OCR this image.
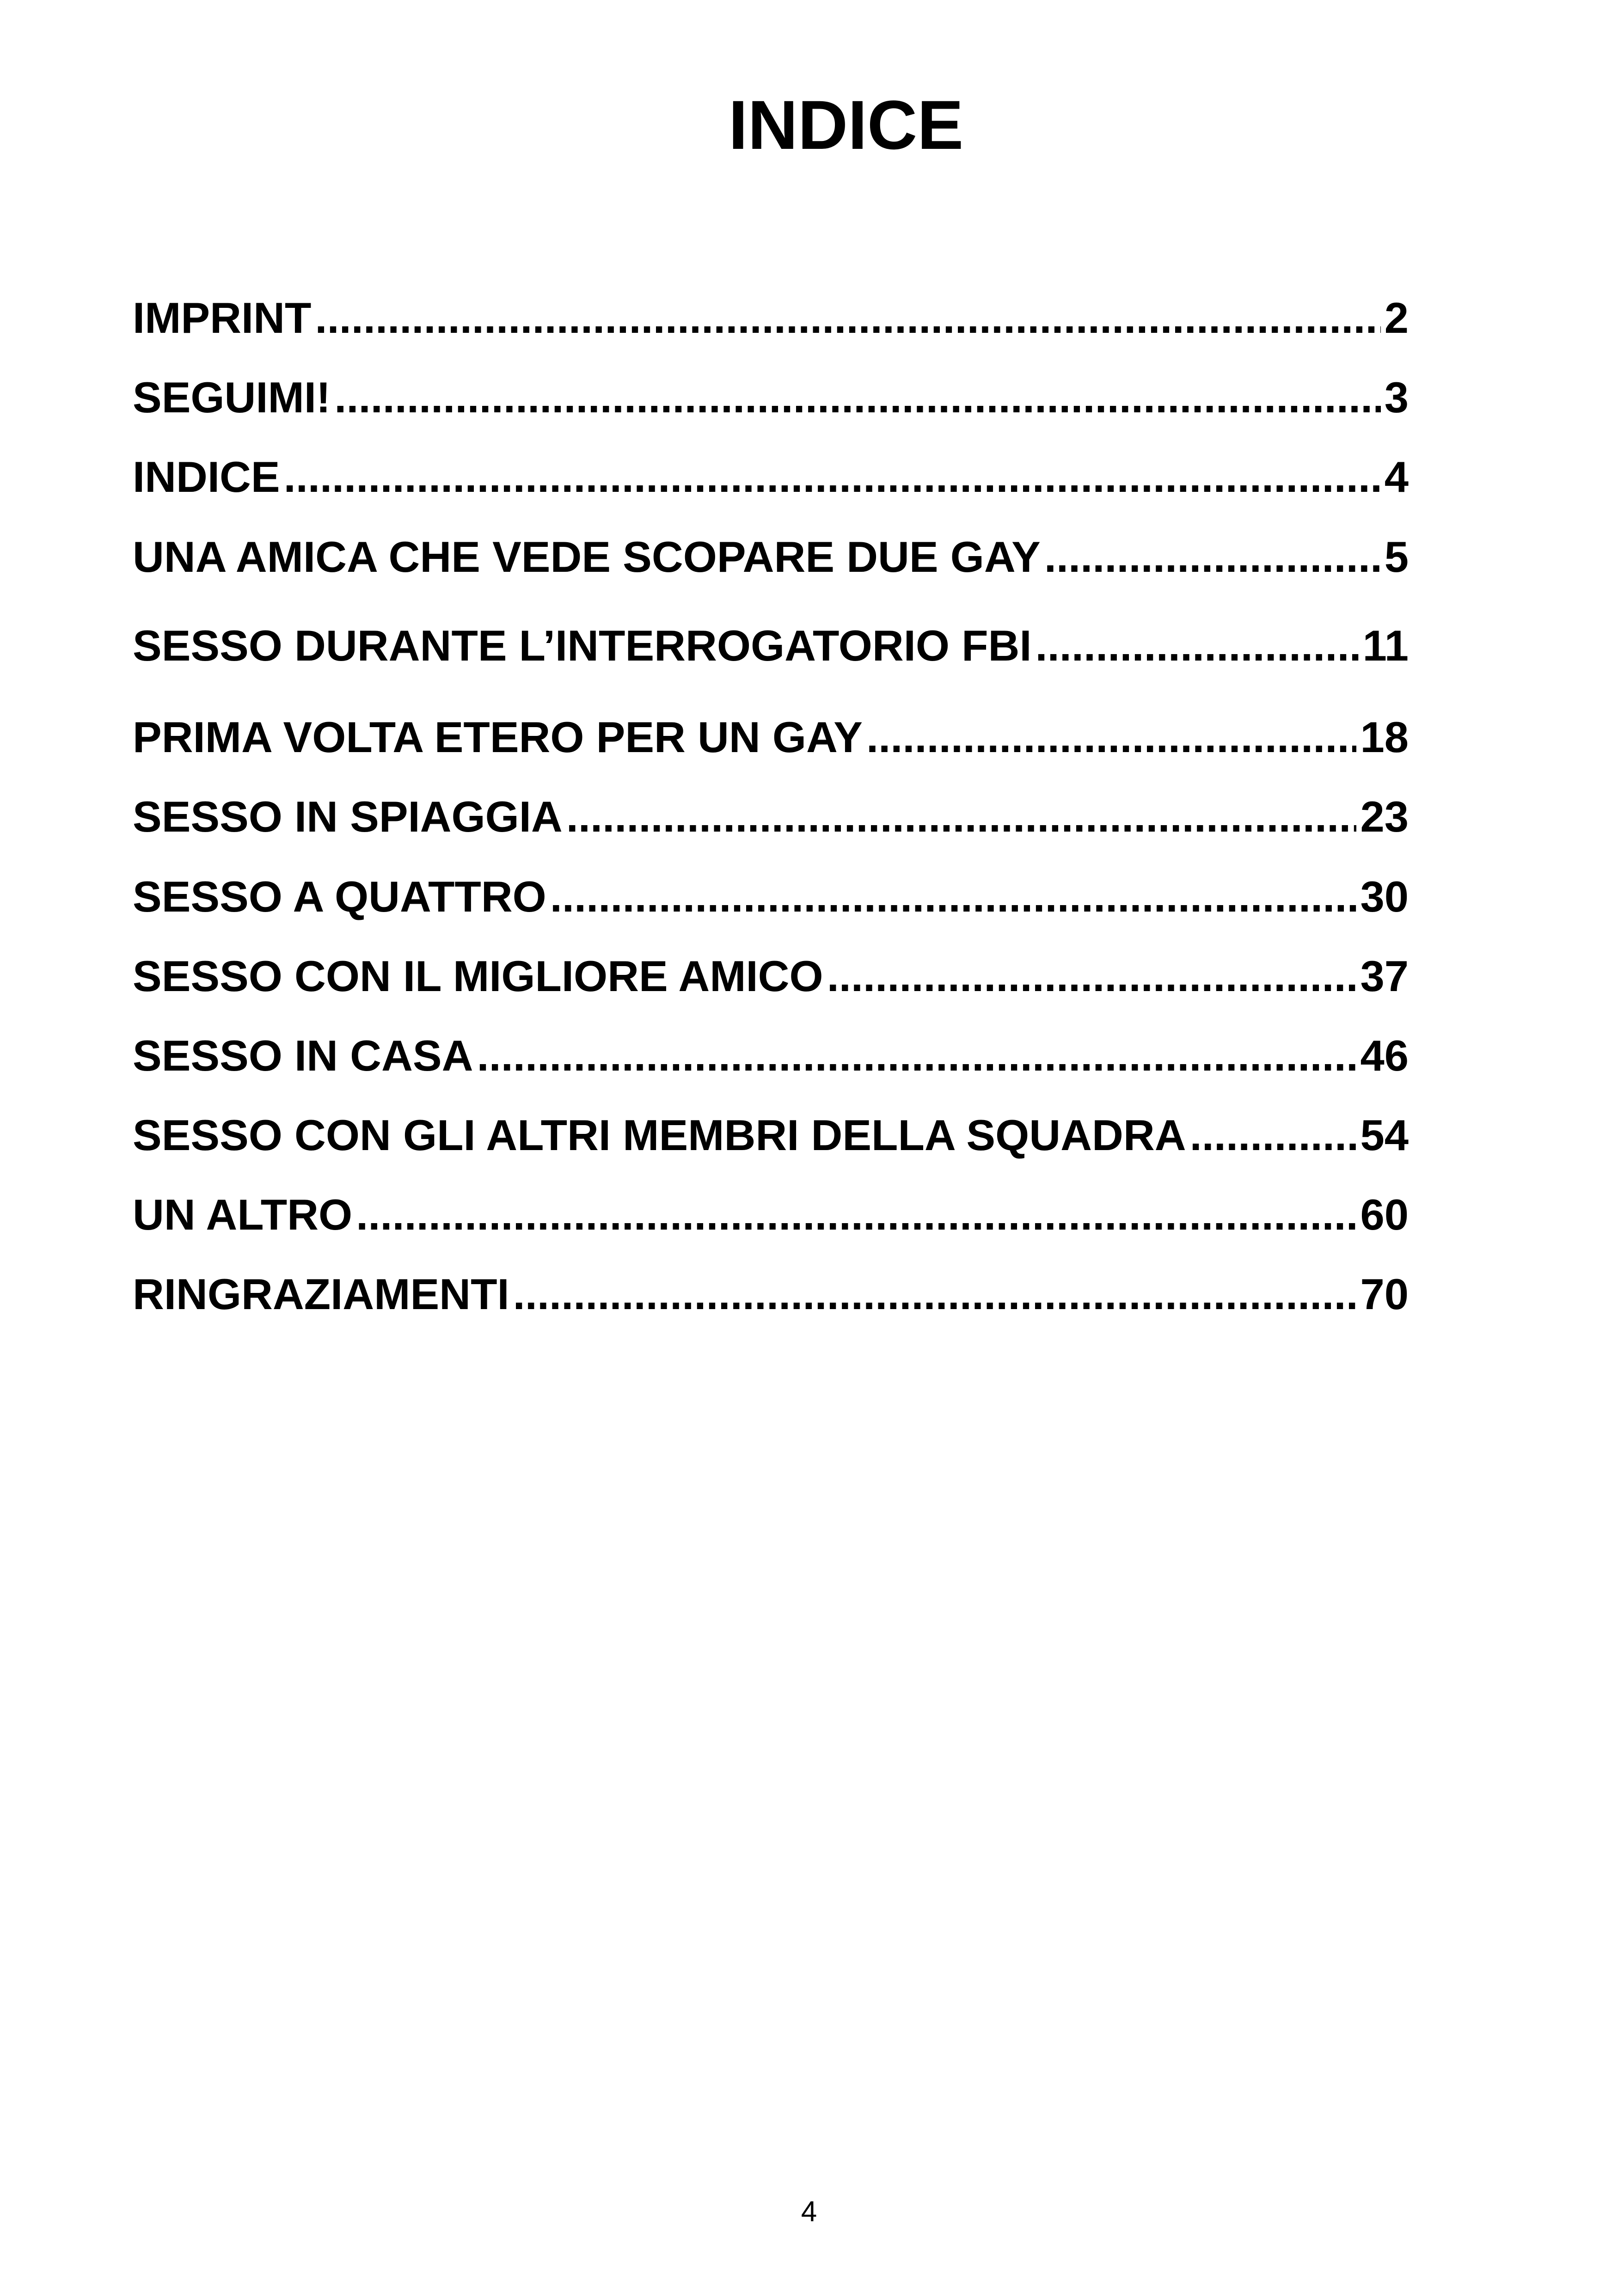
INDICE
IMPRINT .....	2
SEGUIMI! .....	3
INDICE .....	4
UNA AMICA CHE VEDE SCOPARE DUE GAY .....	5
SESSO DURANTE L’INTERROGATORIO FBI .....	11
PRIMA VOLTA ETERO PER UN GAY .....	18
SESSO IN SPIAGGIA .....	23
SESSO A QUATTRO .....	30
SESSO CON IL MIGLIORE AMICO .....	37
SESSO IN CASA .....	46
SESSO CON GLI ALTRI MEMBRI DELLA SQUADRA .....	54
UN ALTRO .....	60
RINGRAZIAMENTI .....	70
4
